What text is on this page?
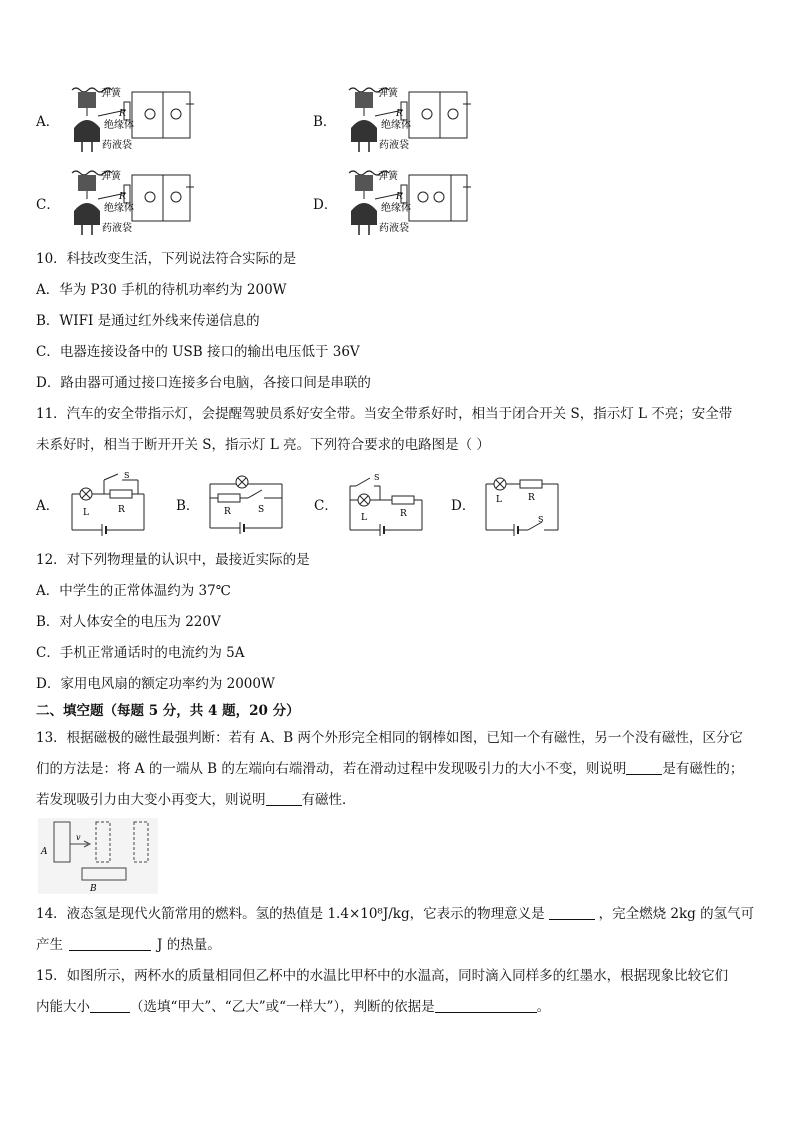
A．	B．
C．	D．
弹簧
R
绝缘体
药液袋
弹簧
R
绝缘体
药液袋
弹簧
R
绝缘体
药液袋
弹簧
R
绝缘体
药液袋
10．科技改变生活，下列说法符合实际的是
A．华为 P30 手机的待机功率约为 200W
B．WIFI 是通过红外线来传递信息的
C．电器连接设备中的 USB 接口的输出电压低于 36V
D．路由器可通过接口连接多台电脑，各接口间是串联的
11．汽车的安全带指示灯，会提醒驾驶员系好安全带。当安全带系好时，相当于闭合开关 S，指示灯 L 不亮；安全带
未系好时，相当于断开开关 S，指示灯 L 亮。下列符合要求的电路图是（ ）
A．	B．	C．	D．
L	R
S
R	S
S
L	R
L	R
S
12．对下列物理量的认识中，最接近实际的是
A．中学生的正常体温约为 37℃
B．对人体安全的电压为 220V
C．手机正常通话时的电流约为 5A
D．家用电风扇的额定功率约为 2000W
二、填空题（每题 5 分，共 4 题，20 分）
13．根据磁极的磁性最强判断：若有 A、B 两个外形完全相同的钢棒如图，已知一个有磁性，另一个没有磁性，区分它
们的方法是：将 A 的一端从 B 的左端向右端滑动，若在滑动过程中发现吸引力的大小不变，则说明	是有磁性的；
若发现吸引力由大变小再变大，则说明	有磁性．
A
v
B
14．液态氢是现代火箭常用的燃料。氢的热值是 1.4×10⁸J/kg，它表示的物理意义是	，完全燃烧 2kg 的氢气可
产生	J 的热量。
15．如图所示，两杯水的质量相同但乙杯中的水温比甲杯中的水温高，同时滴入同样多的红墨水，根据现象比较它们
内能大小	（选填“甲大”、“乙大”或“一样大”），判断的依据是	。
